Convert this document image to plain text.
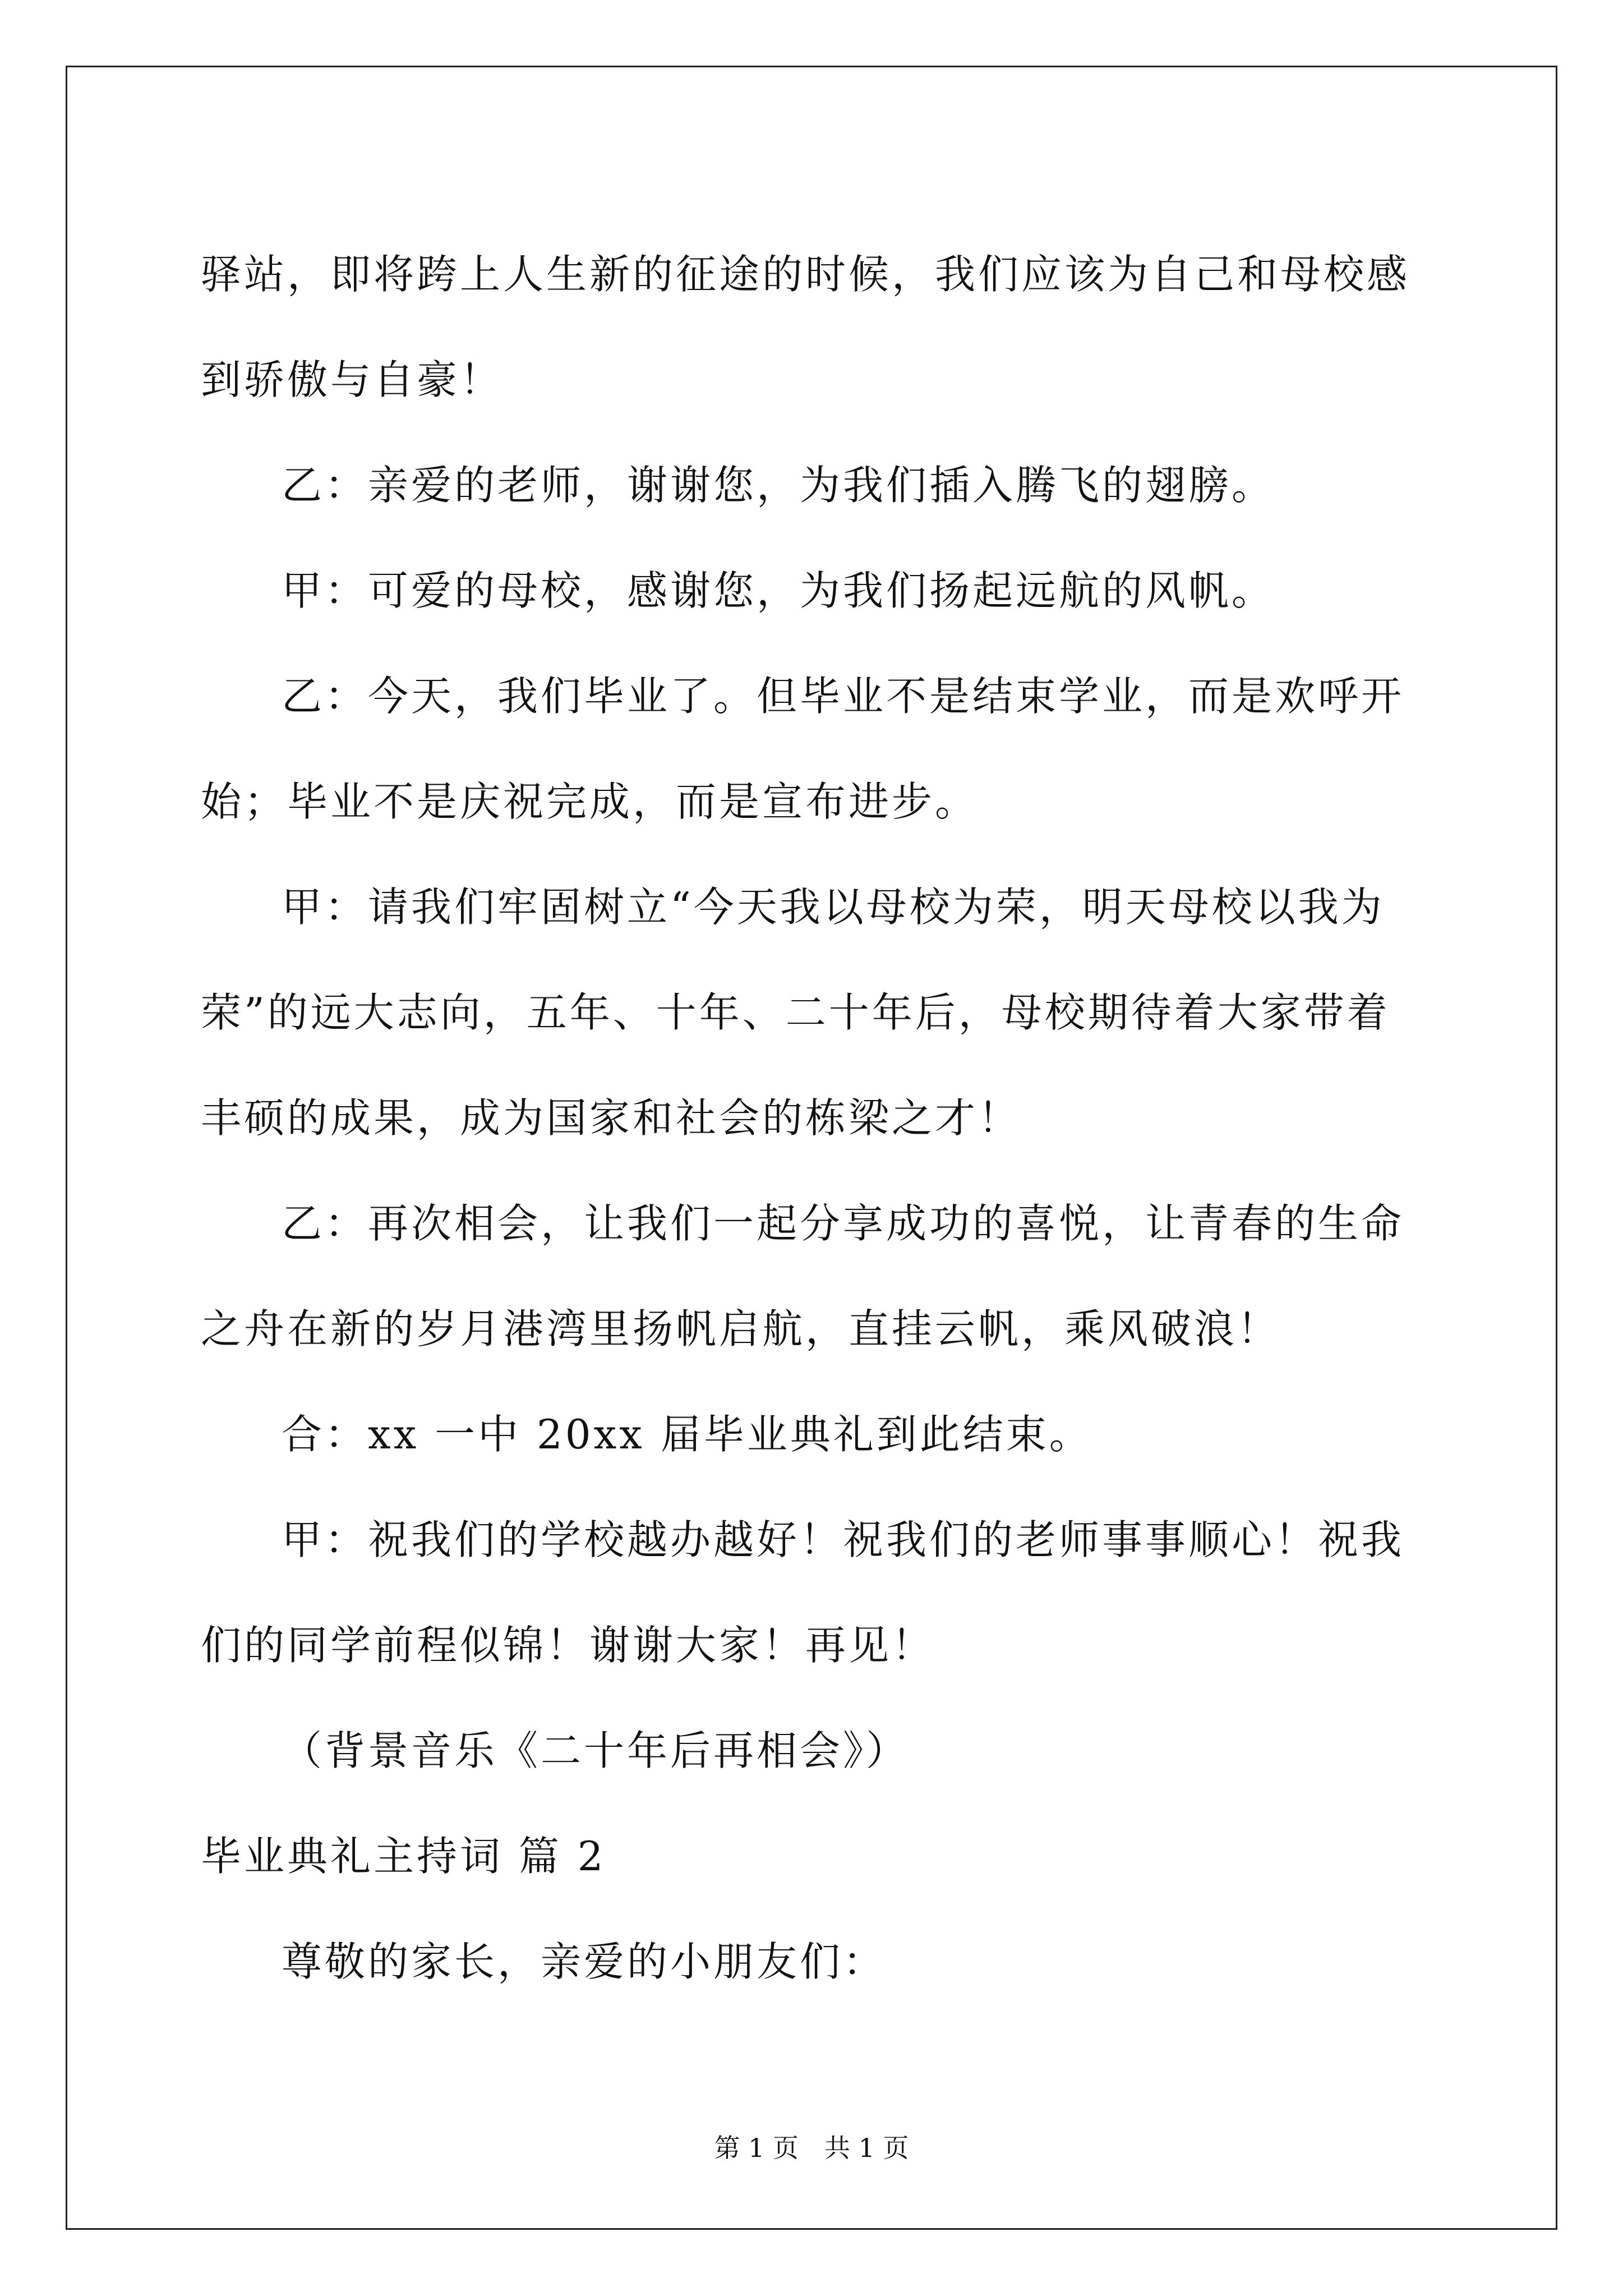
驿站，即将跨上人生新的征途的时候，我们应该为自己和母校感到骄傲与自豪！

乙：亲爱的老师，谢谢您，为我们插入腾飞的翅膀。

甲：可爱的母校，感谢您，为我们扬起远航的风帆。

乙：今天，我们毕业了。但毕业不是结束学业，而是欢呼开始；毕业不是庆祝完成，而是宣布进步。

甲：请我们牢固树立“今天我以母校为荣，明天母校以我为荣”的远大志向，五年、十年、二十年后，母校期待着大家带着丰硕的成果，成为国家和社会的栋梁之才！

乙：再次相会，让我们一起分享成功的喜悦，让青春的生命之舟在新的岁月港湾里扬帆启航，直挂云帆，乘风破浪！

合：xx 一中 20xx 届毕业典礼到此结束。

甲：祝我们的学校越办越好！祝我们的老师事事顺心！祝我们的同学前程似锦！谢谢大家！再见！

（背景音乐《二十年后再相会》）

毕业典礼主持词 篇 2

尊敬的家长，亲爱的小朋友们：

第 1 页　共 1 页
